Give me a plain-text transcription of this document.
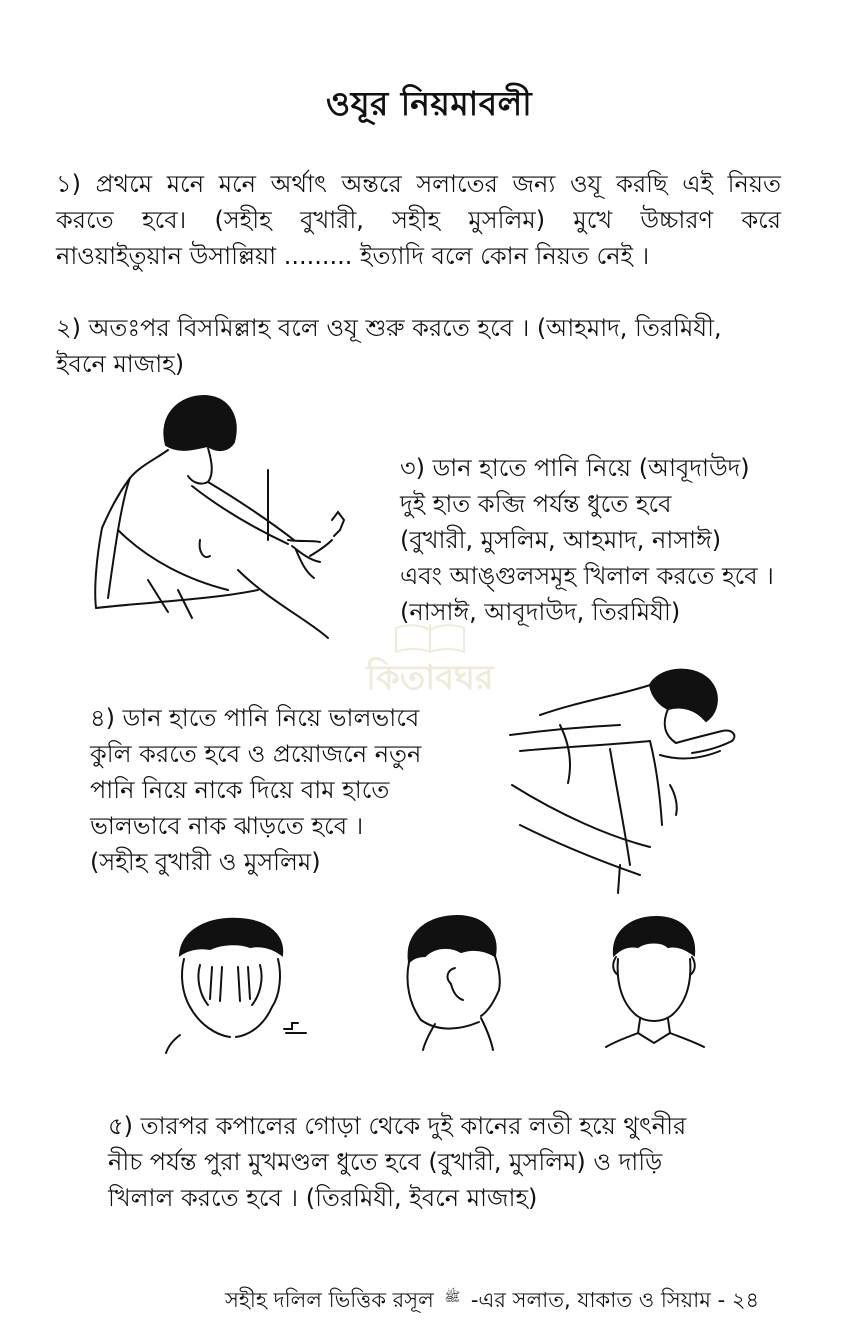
ওযূর নিয়মাবলী
১) প্রথমে মনে মনে অর্থাৎ অন্তরে সলাতের জন্য ওযূ করছি এই নিয়ত
করতে হবে। (সহীহ বুখারী, সহীহ মুসলিম) মুখে উচ্চারণ করে
নাওয়াইতুয়ান উসাল্লিয়া ......... ইত্যাদি বলে কোন নিয়ত নেই ।
২) অতঃপর বিসমিল্লাহ বলে ওযূ শুরু করতে হবে । (আহমাদ, তিরমিযী,
ইবনে মাজাহ)
৩) ডান হাতে পানি নিয়ে (আবূদাউদ)
দুই হাত কব্জি পর্যন্ত ধুতে হবে
(বুখারী, মুসলিম, আহমাদ, নাসাঈ)
এবং আঙ্গুলসমূহ খিলাল করতে হবে ।
(নাসাঈ, আবূদাউদ, তিরমিযী)
কিতাবঘর
৪) ডান হাতে পানি নিয়ে ভালভাবে
কুলি করতে হবে ও প্রয়োজনে নতুন
পানি নিয়ে নাকে দিয়ে বাম হাতে
ভালভাবে নাক ঝাড়তে হবে ।
(সহীহ বুখারী ও মুসলিম)
৫) তারপর কপালের গোড়া থেকে দুই কানের লতী হয়ে থুৎনীর
নীচ পর্যন্ত পুরা মুখমণ্ডল ধুতে হবে (বুখারী, মুসলিম) ও দাড়ি
খিলাল করতে হবে । (তিরমিযী, ইবনে মাজাহ)
সহীহ দলিল ভিত্তিক রসূল ﷺ -এর সলাত, যাকাত ও সিয়াম - ২৪
